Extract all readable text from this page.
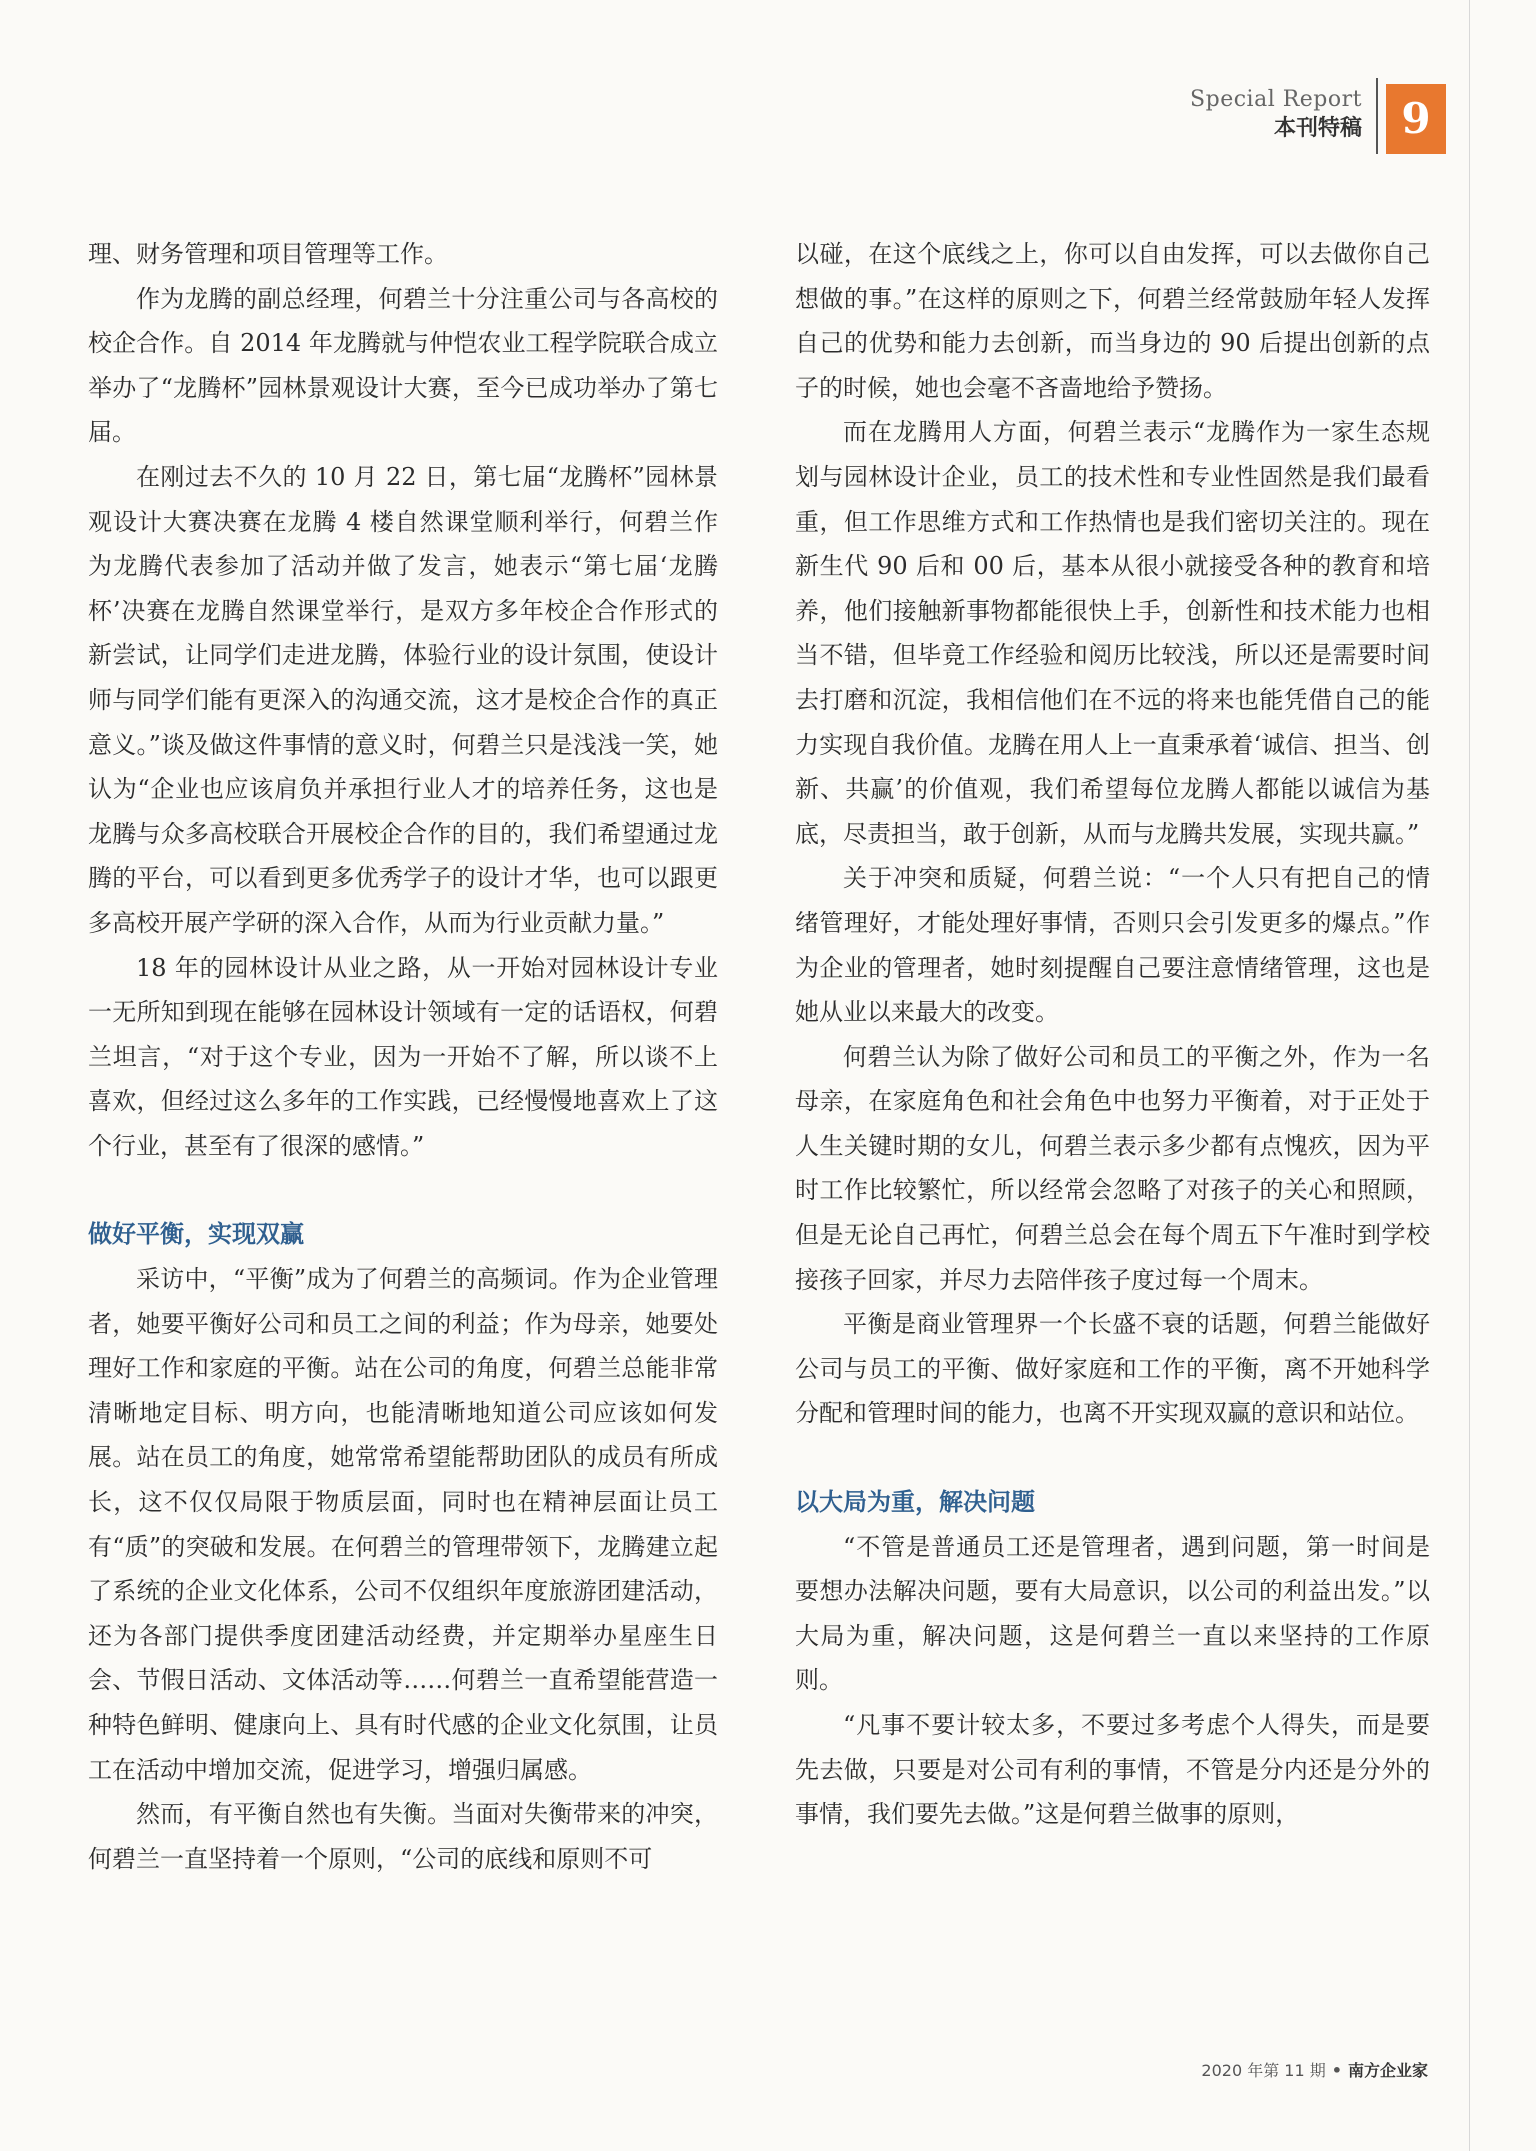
Special Report
本刊特稿 9

理、财务管理和项目管理等工作。

作为龙腾的副总经理，何碧兰十分注重公司与各高校的校企合作。自 2014 年龙腾就与仲恺农业工程学院联合成立举办了“龙腾杯”园林景观设计大赛，至今已成功举办了第七届。

在刚过去不久的 10 月 22 日，第七届“龙腾杯”园林景观设计大赛决赛在龙腾 4 楼自然课堂顺利举行，何碧兰作为龙腾代表参加了活动并做了发言，她表示“第七届‘龙腾杯’决赛在龙腾自然课堂举行，是双方多年校企合作形式的新尝试，让同学们走进龙腾，体验行业的设计氛围，使设计师与同学们能有更深入的沟通交流，这才是校企合作的真正意义。”谈及做这件事情的意义时，何碧兰只是浅浅一笑，她认为“企业也应该肩负并承担行业人才的培养任务，这也是龙腾与众多高校联合开展校企合作的目的，我们希望通过龙腾的平台，可以看到更多优秀学子的设计才华，也可以跟更多高校开展产学研的深入合作，从而为行业贡献力量。”

18 年的园林设计从业之路，从一开始对园林设计专业一无所知到现在能够在园林设计领域有一定的话语权，何碧兰坦言，“对于这个专业，因为一开始不了解，所以谈不上喜欢，但经过这么多年的工作实践，已经慢慢地喜欢上了这个行业，甚至有了很深的感情。”

做好平衡，实现双赢

采访中，“平衡”成为了何碧兰的高频词。作为企业管理者，她要平衡好公司和员工之间的利益；作为母亲，她要处理好工作和家庭的平衡。站在公司的角度，何碧兰总能非常清晰地定目标、明方向，也能清晰地知道公司应该如何发展。站在员工的角度，她常常希望能帮助团队的成员有所成长，这不仅仅局限于物质层面，同时也在精神层面让员工有“质”的突破和发展。在何碧兰的管理带领下，龙腾建立起了系统的企业文化体系，公司不仅组织年度旅游团建活动，还为各部门提供季度团建活动经费，并定期举办星座生日会、节假日活动、文体活动等……何碧兰一直希望能营造一种特色鲜明、健康向上、具有时代感的企业文化氛围，让员工在活动中增加交流，促进学习，增强归属感。

然而，有平衡自然也有失衡。当面对失衡带来的冲突，何碧兰一直坚持着一个原则，“公司的底线和原则不可

以碰，在这个底线之上，你可以自由发挥，可以去做你自己想做的事。”在这样的原则之下，何碧兰经常鼓励年轻人发挥自己的优势和能力去创新，而当身边的 90 后提出创新的点子的时候，她也会毫不吝啬地给予赞扬。

而在龙腾用人方面，何碧兰表示“龙腾作为一家生态规划与园林设计企业，员工的技术性和专业性固然是我们最看重，但工作思维方式和工作热情也是我们密切关注的。现在新生代 90 后和 00 后，基本从很小就接受各种的教育和培养，他们接触新事物都能很快上手，创新性和技术能力也相当不错，但毕竟工作经验和阅历比较浅，所以还是需要时间去打磨和沉淀，我相信他们在不远的将来也能凭借自己的能力实现自我价值。龙腾在用人上一直秉承着‘诚信、担当、创新、共赢’的价值观，我们希望每位龙腾人都能以诚信为基底，尽责担当，敢于创新，从而与龙腾共发展，实现共赢。”

关于冲突和质疑，何碧兰说：“一个人只有把自己的情绪管理好，才能处理好事情，否则只会引发更多的爆点。”作为企业的管理者，她时刻提醒自己要注意情绪管理，这也是她从业以来最大的改变。

何碧兰认为除了做好公司和员工的平衡之外，作为一名母亲，在家庭角色和社会角色中也努力平衡着，对于正处于人生关键时期的女儿，何碧兰表示多少都有点愧疚，因为平时工作比较繁忙，所以经常会忽略了对孩子的关心和照顾，但是无论自己再忙，何碧兰总会在每个周五下午准时到学校接孩子回家，并尽力去陪伴孩子度过每一个周末。

平衡是商业管理界一个长盛不衰的话题，何碧兰能做好公司与员工的平衡、做好家庭和工作的平衡，离不开她科学分配和管理时间的能力，也离不开实现双赢的意识和站位。

以大局为重，解决问题

“不管是普通员工还是管理者，遇到问题，第一时间是要想办法解决问题，要有大局意识，以公司的利益出发。”以大局为重，解决问题，这是何碧兰一直以来坚持的工作原则。

“凡事不要计较太多，不要过多考虑个人得失，而是要先去做，只要是对公司有利的事情，不管是分内还是分外的事情，我们要先去做。”这是何碧兰做事的原则，

2020 年第 11 期 • 南方企业家
